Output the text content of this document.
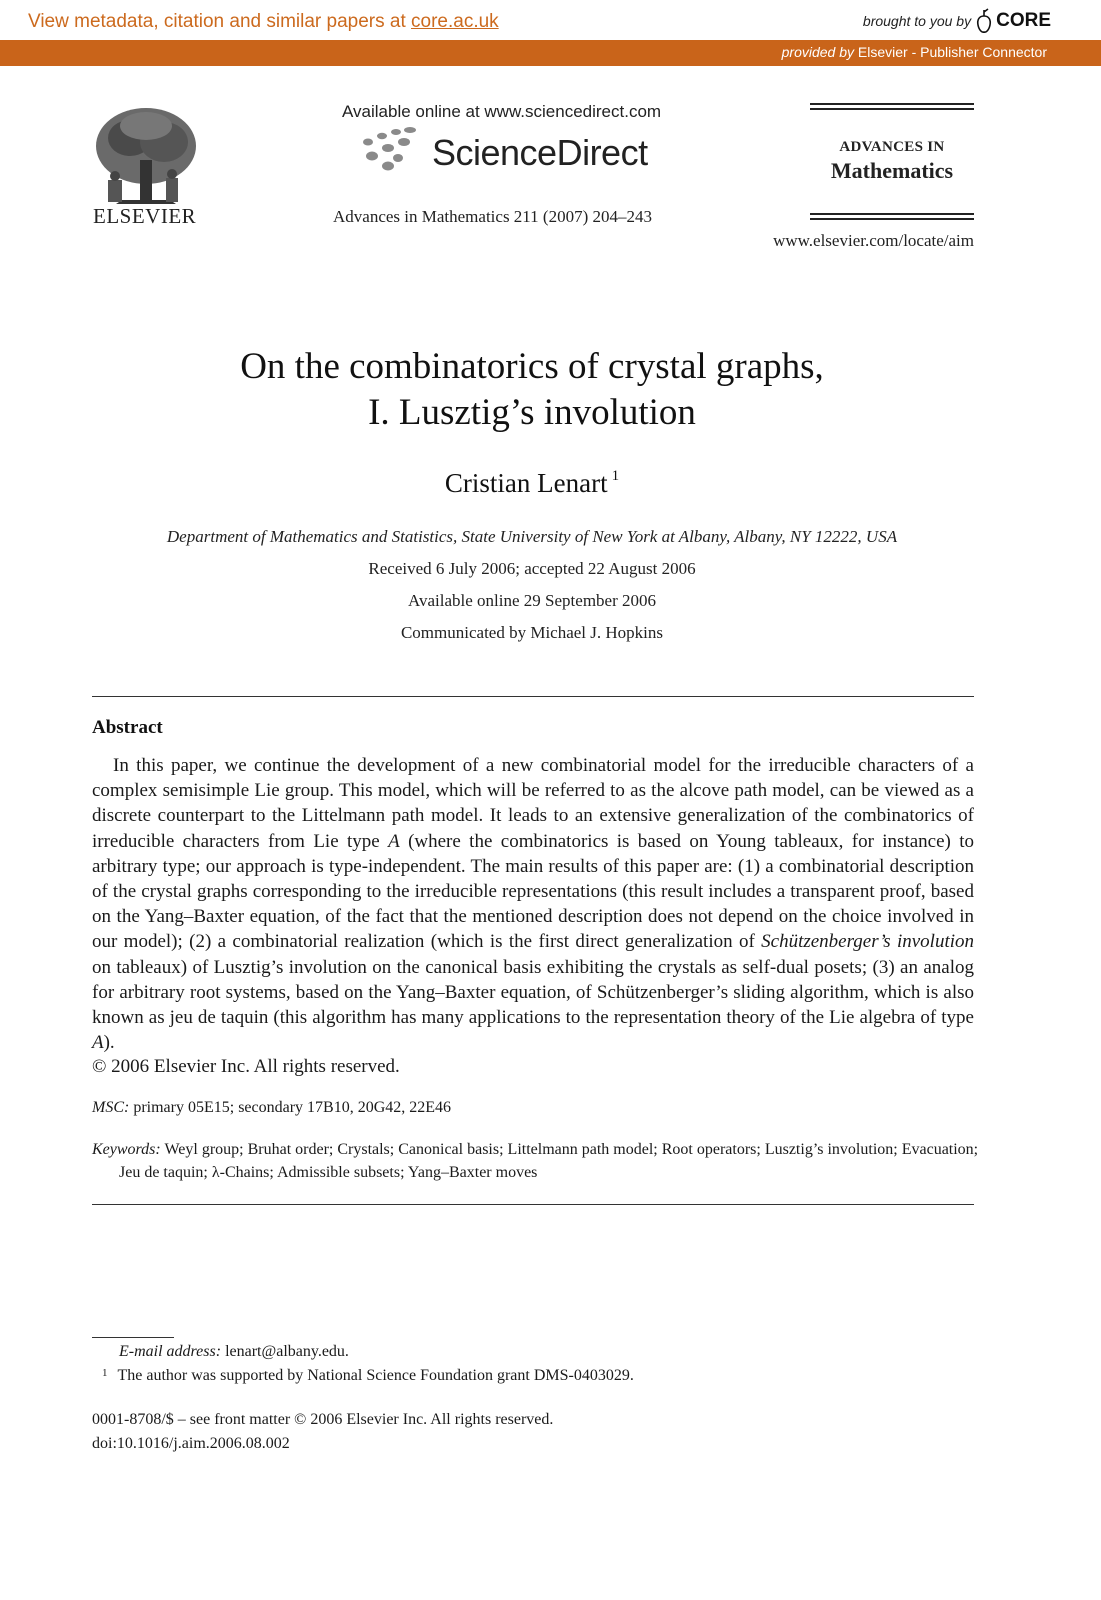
View metadata, citation and similar papers at core.ac.uk	brought to you by CORE
provided by Elsevier - Publisher Connector
ELSEVIER
Available online at www.sciencedirect.com
ScienceDirect
Advances in Mathematics 211 (2007) 204–243
ADVANCES IN
Mathematics
www.elsevier.com/locate/aim
On the combinatorics of crystal graphs,
I. Lusztig’s involution
Cristian Lenart $^1$
Department of Mathematics and Statistics, State University of New York at Albany, Albany, NY 12222, USA
Received 6 July 2006; accepted 22 August 2006
Available online 29 September 2006
Communicated by Michael J. Hopkins
Abstract
In this paper, we continue the development of a new combinatorial model for the irreducible characters of a complex semisimple Lie group. This model, which will be referred to as the alcove path model, can be viewed as a discrete counterpart to the Littelmann path model. It leads to an extensive generalization of the combinatorics of irreducible characters from Lie type A (where the combinatorics is based on Young tableaux, for instance) to arbitrary type; our approach is type-independent. The main results of this paper are: (1) a combinatorial description of the crystal graphs corresponding to the irreducible representations (this result includes a transparent proof, based on the Yang–Baxter equation, of the fact that the mentioned description does not depend on the choice involved in our model); (2) a combinatorial realization (which is the first direct generalization of Schützenberger’s involution on tableaux) of Lusztig’s involution on the canonical basis exhibiting the crystals as self-dual posets; (3) an analog for arbitrary root systems, based on the Yang–Baxter equation, of Schützenberger’s sliding algorithm, which is also known as jeu de taquin (this algorithm has many applications to the representation theory of the Lie algebra of type A).
© 2006 Elsevier Inc. All rights reserved.
MSC: primary 05E15; secondary 17B10, 20G42, 22E46
Keywords: Weyl group; Bruhat order; Crystals; Canonical basis; Littelmann path model; Root operators; Lusztig’s involution; Evacuation; Jeu de taquin; λ-Chains; Admissible subsets; Yang–Baxter moves
E-mail address: lenart@albany.edu.
$^1$ The author was supported by National Science Foundation grant DMS-0403029.
0001-8708/$ – see front matter © 2006 Elsevier Inc. All rights reserved.
doi:10.1016/j.aim.2006.08.002
